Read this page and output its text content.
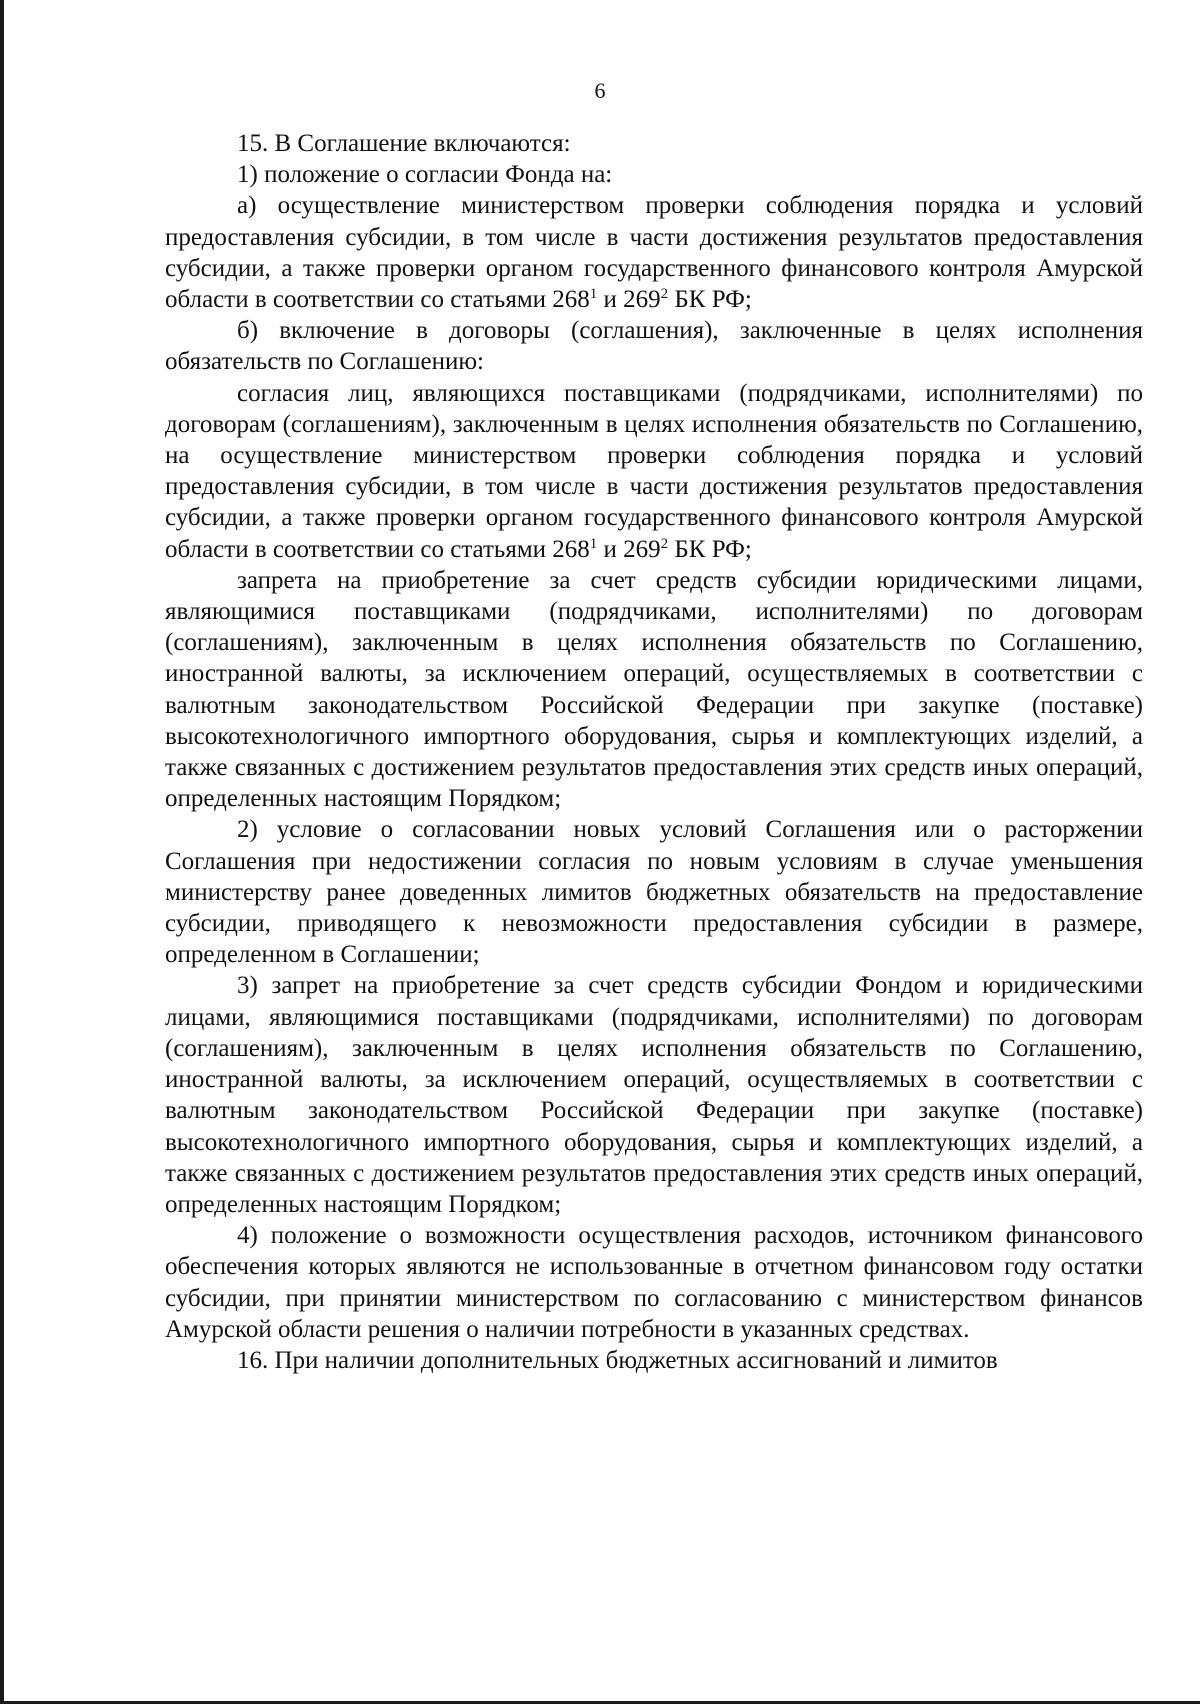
6

15. В Соглашение включаются:

1) положение о согласии Фонда на:

а) осуществление министерством проверки соблюдения порядка и условий предоставления субсидии, в том числе в части достижения результатов предоставления субсидии, а также проверки органом государственного финансового контроля Амурской области в соответствии со статьями $268^1$ и $269^2$ БК РФ;

б) включение в договоры (соглашения), заключенные в целях исполнения обязательств по Соглашению:

согласия лиц, являющихся поставщиками (подрядчиками, исполнителями) по договорам (соглашениям), заключенным в целях исполнения обязательств по Соглашению, на осуществление министерством проверки соблюдения порядка и условий предоставления субсидии, в том числе в части достижения результатов предоставления субсидии, а также проверки органом государственного финансового контроля Амурской области в соответствии со статьями $268^1$ и $269^2$ БК РФ;

запрета на приобретение за счет средств субсидии юридическими лицами, являющимися поставщиками (подрядчиками, исполнителями) по договорам (соглашениям), заключенным в целях исполнения обязательств по Соглашению, иностранной валюты, за исключением операций, осуществляемых в соответствии с валютным законодательством Российской Федерации при закупке (поставке) высокотехнологичного импортного оборудования, сырья и комплектующих изделий, а также связанных с достижением результатов предоставления этих средств иных операций, определенных настоящим Порядком;

2) условие о согласовании новых условий Соглашения или о расторжении Соглашения при недостижении согласия по новым условиям в случае уменьшения министерству ранее доведенных лимитов бюджетных обязательств на предоставление субсидии, приводящего к невозможности предоставления субсидии в размере, определенном в Соглашении;

3) запрет на приобретение за счет средств субсидии Фондом и юридическими лицами, являющимися поставщиками (подрядчиками, исполнителями) по договорам (соглашениям), заключенным в целях исполнения обязательств по Соглашению, иностранной валюты, за исключением операций, осуществляемых в соответствии с валютным законодательством Российской Федерации при закупке (поставке) высокотехнологичного импортного оборудования, сырья и комплектующих изделий, а также связанных с достижением результатов предоставления этих средств иных операций, определенных настоящим Порядком;

4) положение о возможности осуществления расходов, источником финансового обеспечения которых являются не использованные в отчетном финансовом году остатки субсидии, при принятии министерством по согласованию с министерством финансов Амурской области решения о наличии потребности в указанных средствах.

16. При наличии дополнительных бюджетных ассигнований и лимитов
